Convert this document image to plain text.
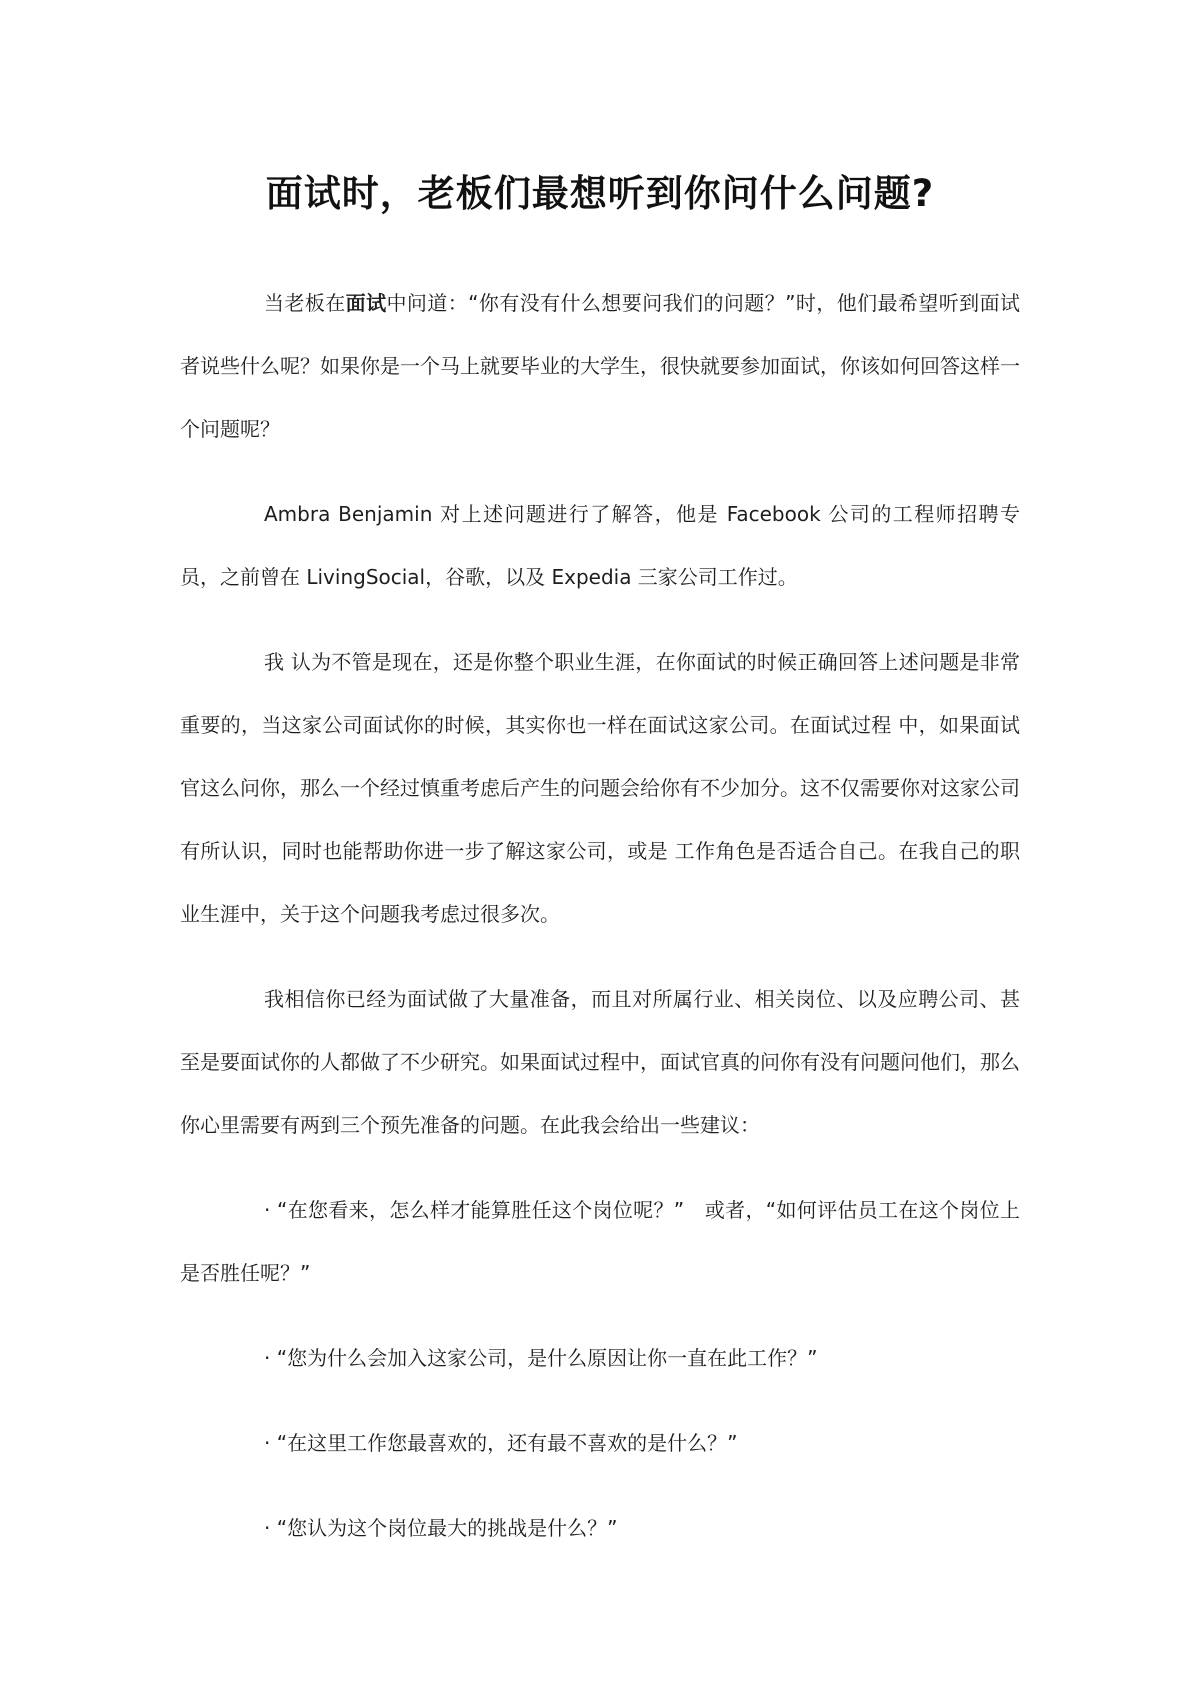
面试时，老板们最想听到你问什么问题?

当老板在面试中问道：“你有没有什么想要问我们的问题？”时，他们最希望听到面试者说些什么呢？如果你是一个马上就要毕业的大学生，很快就要参加面试，你该如何回答这样一个问题呢？

Ambra Benjamin 对上述问题进行了解答，他是 Facebook 公司的工程师招聘专员，之前曾在 LivingSocial，谷歌，以及 Expedia 三家公司工作过。

我 认为不管是现在，还是你整个职业生涯，在你面试的时候正确回答上述问题是非常重要的，当这家公司面试你的时候，其实你也一样在面试这家公司。在面试过程 中，如果面试官这么问你，那么一个经过慎重考虑后产生的问题会给你有不少加分。这不仅需要你对这家公司有所认识，同时也能帮助你进一步了解这家公司，或是 工作角色是否适合自己。在我自己的职业生涯中，关于这个问题我考虑过很多次。

我相信你已经为面试做了大量准备，而且对所属行业、相关岗位、以及应聘公司、甚至是要面试你的人都做了不少研究。如果面试过程中，面试官真的问你有没有问题问他们，那么你心里需要有两到三个预先准备的问题。在此我会给出一些建议：

· “在您看来，怎么样才能算胜任这个岗位呢？”　或者，“如何评估员工在这个岗位上是否胜任呢？”

· “您为什么会加入这家公司，是什么原因让你一直在此工作？”

· “在这里工作您最喜欢的，还有最不喜欢的是什么？”

· “您认为这个岗位最大的挑战是什么？”
